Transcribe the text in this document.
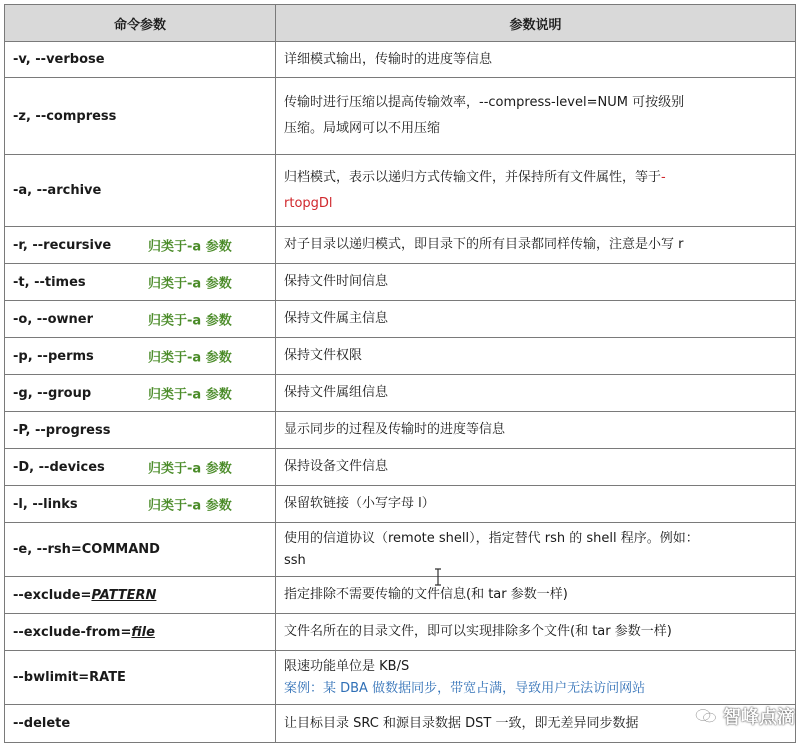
命令参数	参数说明
-v, --verbose	详细模式输出，传输时的进度等信息
-z, --compress	传输时进行压缩以提高传输效率，--compress-level=NUM 可按级别
压缩。局域网可以不用压缩

-a, --archive	归档模式，表示以递归方式传输文件，并保持所有文件属性，等于-
rtopgDl

-r, --recursive 归类于-a 参数	对子目录以递归模式，即目录下的所有目录都同样传输，注意是小写 r
-t, --times 归类于-a 参数	保持文件时间信息
-o, --owner 归类于-a 参数	保持文件属主信息
-p, --perms 归类于-a 参数	保持文件权限
-g, --group 归类于-a 参数	保持文件属组信息
-P, --progress	显示同步的过程及传输时的进度等信息
-D, --devices 归类于-a 参数	保持设备文件信息
-l, --links 归类于-a 参数	保留软链接（小写字母 l）
-e, --rsh=COMMAND	使用的信道协议（remote shell），指定替代 rsh 的 shell 程序。例如：
ssh

--exclude=PATTERN	指定排除不需要传输的文件信息(和 tar 参数一样)
--exclude-from=file	文件名所在的目录文件，即可以实现排除多个文件(和 tar 参数一样)
--bwlimit=RATE	限速功能单位是 KB/S
案例：某 DBA 做数据同步，带宽占满，导致用户无法访问网站

--delete	让目标目录 SRC 和源目录数据 DST 一致，即无差异同步数据	智峰点滴
